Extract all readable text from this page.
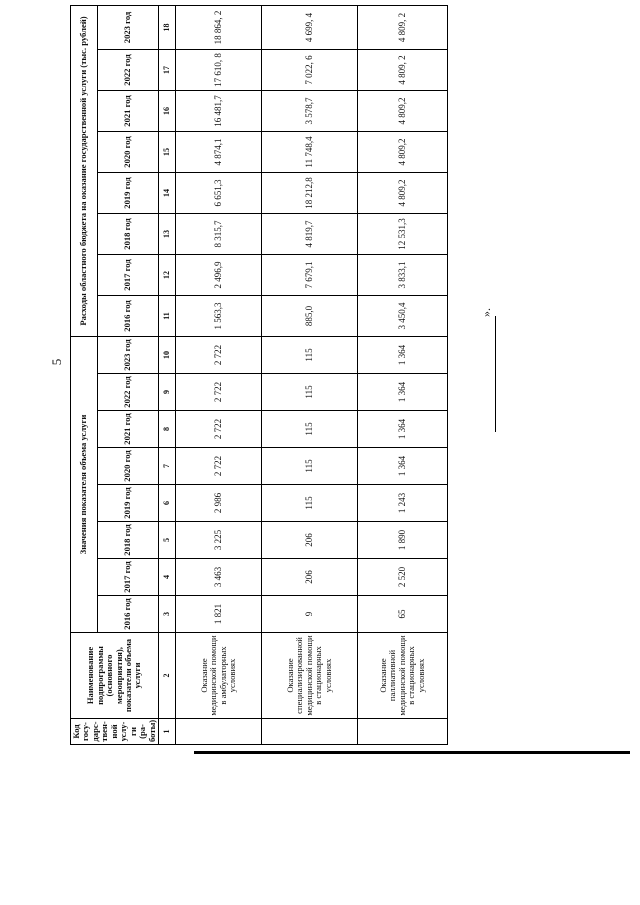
5
Код госу-дарс-твен-ной услу-ги (ра-боты)	Наименование подпрограммы (основного мероприятия), показатели объема услуги	Значения показателя объема услуги								Расходы областного бюджета на оказание государственной услуги (тыс. рублей)							
		2016 год	2017 год	2018 год	2019 год	2020 год	2021 год	2022 год	2023 год	2016 год	2017 год	2018 год	2019 год	2020 год	2021 год	2022 год	2023 год
1	2	3	4	5	6	7	8	9	10	11	12	13	14	15	16	17	18
	Оказание медицинской помощи в амбулаторных условиях	1 821	3 463	3 225	2 986	2 722	2 722	2 722	2 722	1 563,3	2 496,9	8 315,7	6 651,3	4 874,1	16 481,7	17 610, 8	18 864, 2
	Оказание специализированной медицинской помощи в стационарных условиях	9	206	206	115	115	115	115	115	885,0	7 679,1	4 819,7	18 212,8	11 748,4	3 578,7	7 022, 6	4 699, 4
	Оказание паллиативной медицинской помощи в стационарных условиях	65	2 520	1 890	1 243	1 364	1 364	1 364	1 364	3 450,4	3 833,1	12 531,3	4 809,2	4 809,2	4 809,2	4 809, 2	4 809, 2
».
